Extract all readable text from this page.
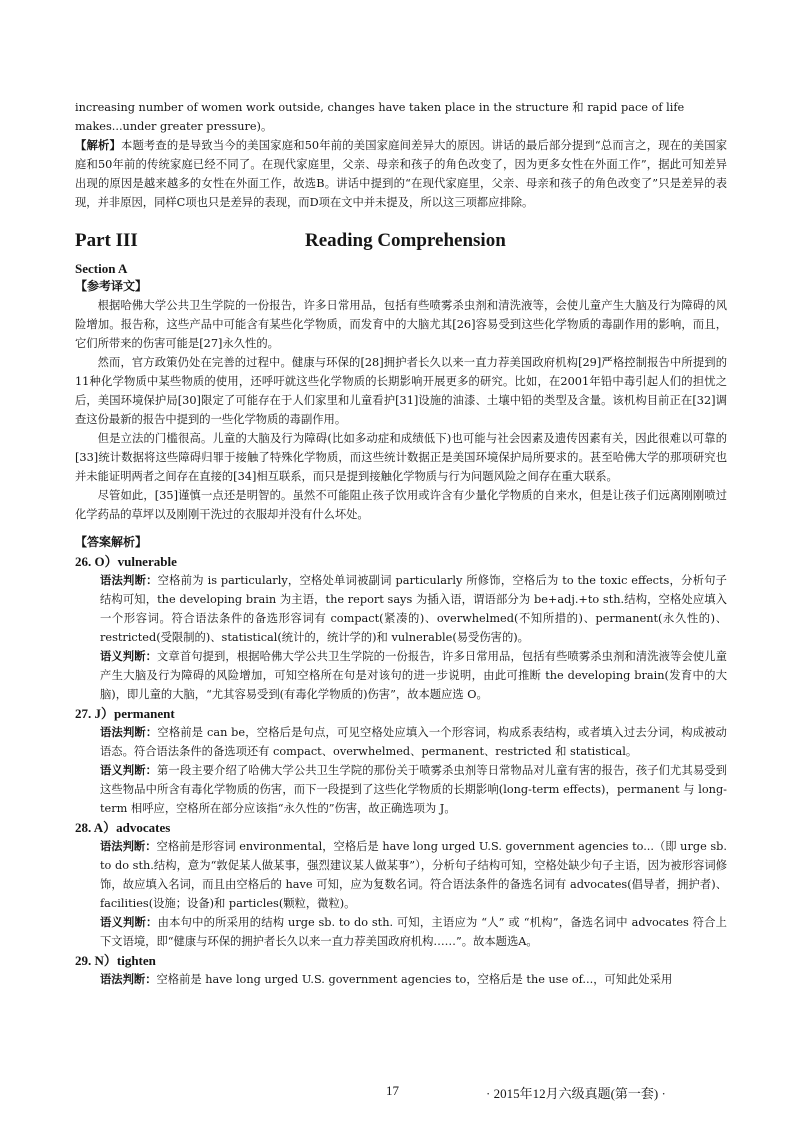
increasing number of women work outside, changes have taken place in the structure 和 rapid pace of life

makes...under greater pressure)。

【解析】本题考查的是导致当今的美国家庭和50年前的美国家庭间差异大的原因。讲话的最后部分提到“总而言之，现在的美国家庭和50年前的传统家庭已经不同了。在现代家庭里，父亲、母亲和孩子的角色改变了，因为更多女性在外面工作”，据此可知差异出现的原因是越来越多的女性在外面工作，故选B。讲话中提到的“在现代家庭里，父亲、母亲和孩子的角色改变了”只是差异的表现，并非原因，同样C项也只是差异的表现，而D项在文中并未提及，所以这三项都应排除。

Part III	Reading Comprehension
Section A
【参考译文】

根据哈佛大学公共卫生学院的一份报告，许多日常用品，包括有些喷雾杀虫剂和清洗液等，会使儿童产生大脑及行为障碍的风险增加。报告称，这些产品中可能含有某些化学物质，而发育中的大脑尤其[26]容易受到这些化学物质的毒副作用的影响，而且，它们所带来的伤害可能是[27]永久性的。

然而，官方政策仍处在完善的过程中。健康与环保的[28]拥护者长久以来一直力荐美国政府机构[29]严格控制报告中所提到的11种化学物质中某些物质的使用，还呼吁就这些化学物质的长期影响开展更多的研究。比如，在2001年铅中毒引起人们的担忧之后，美国环境保护局[30]限定了可能存在于人们家里和儿童看护[31]设施的油漆、土壤中铅的类型及含量。该机构目前正在[32]调查这份最新的报告中提到的一些化学物质的毒副作用。

但是立法的门槛很高。儿童的大脑及行为障碍(比如多动症和成绩低下)也可能与社会因素及遗传因素有关，因此很难以可靠的[33]统计数据将这些障碍归罪于接触了特殊化学物质，而这些统计数据正是美国环境保护局所要求的。甚至哈佛大学的那项研究也并未能证明两者之间存在直接的[34]相互联系，而只是提到接触化学物质与行为问题风险之间存在重大联系。

尽管如此，[35]谨慎一点还是明智的。虽然不可能阻止孩子饮用或许含有少量化学物质的自来水，但是让孩子们远离刚刚喷过化学药品的草坪以及刚刚干洗过的衣服却并没有什么坏处。

【答案解析】
26. O）vulnerable

语法判断：空格前为 is particularly，空格处单词被副词 particularly 所修饰，空格后为 to the toxic effects，分析句子结构可知，the developing brain 为主语，the report says 为插入语，谓语部分为 be+adj.+to sth.结构，空格处应填入一个形容词。符合语法条件的备选形容词有 compact(紧凑的)、overwhelmed(不知所措的)、permanent(永久性的)、restricted(受限制的)、statistical(统计的，统计学的)和 vulnerable(易受伤害的)。

语义判断：文章首句提到，根据哈佛大学公共卫生学院的一份报告，许多日常用品，包括有些喷雾杀虫剂和清洗液等会使儿童产生大脑及行为障碍的风险增加，可知空格所在句是对该句的进一步说明，由此可推断 the developing brain(发育中的大脑)，即儿童的大脑，“尤其容易受到(有毒化学物质的)伤害”，故本题应选 O。

27. J）permanent

语法判断：空格前是 can be，空格后是句点，可见空格处应填入一个形容词，构成系表结构，或者填入过去分词，构成被动语态。符合语法条件的备选项还有 compact、overwhelmed、permanent、restricted 和 statistical。

语义判断：第一段主要介绍了哈佛大学公共卫生学院的那份关于喷雾杀虫剂等日常物品对儿童有害的报告，孩子们尤其易受到这些物品中所含有毒化学物质的伤害，而下一段提到了这些化学物质的长期影响(long-term effects)，permanent 与 long-term 相呼应，空格所在部分应该指“永久性的”伤害，故正确选项为 J。

28. A）advocates

语法判断：空格前是形容词 environmental，空格后是 have long urged U.S. government agencies to...（即 urge sb. to do sth.结构，意为“敦促某人做某事，强烈建议某人做某事”），分析句子结构可知，空格处缺少句子主语，因为被形容词修饰，故应填入名词，而且由空格后的 have 可知，应为复数名词。符合语法条件的备选名词有 advocates(倡导者，拥护者)、facilities(设施；设备)和 particles(颗粒，微粒)。

语义判断：由本句中的所采用的结构 urge sb. to do sth. 可知，主语应为 “人” 或 “机构”，备选名词中 advocates 符合上下文语境，即“健康与环保的拥护者长久以来一直力荐美国政府机构……”。故本题选A。

29. N）tighten

语法判断：空格前是 have long urged U.S. government agencies to，空格后是 the use of...，可知此处采用

17	· 2015年12月六级真题(第一套) ·
